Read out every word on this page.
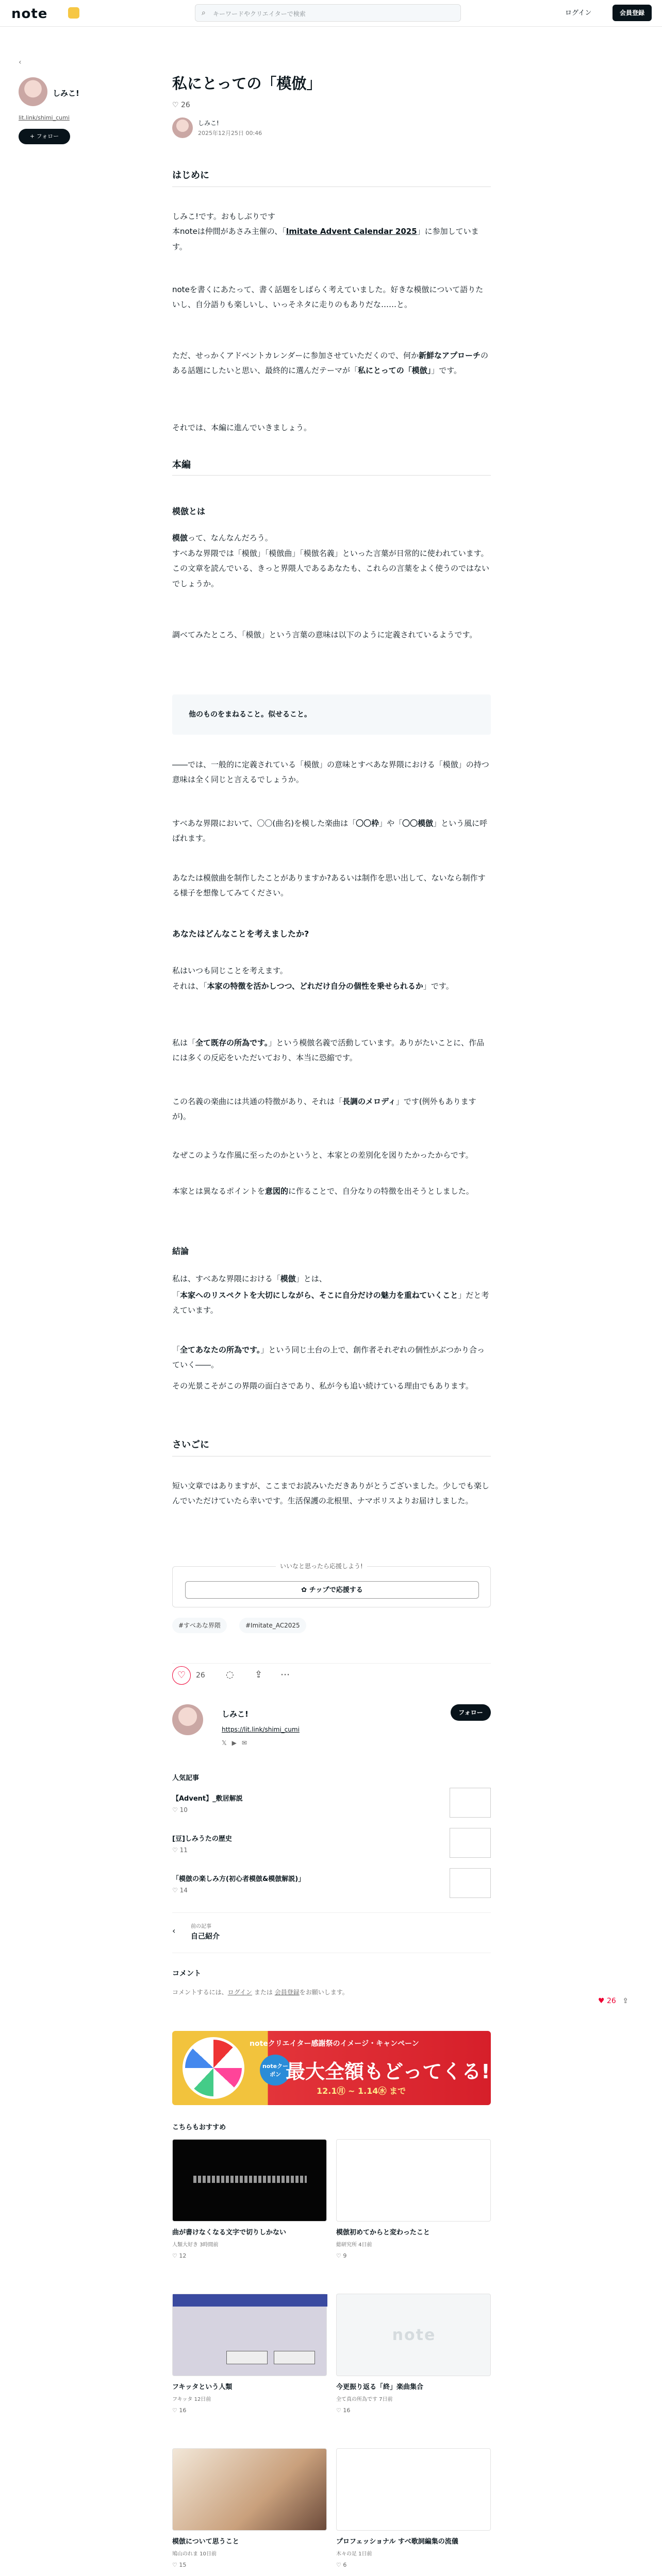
note	⌕ キーワードやクリエイターで検索	ログイン	会員登録
‹
しみこ!
lit.link/shimi_cumi
+ フォロー
私にとっての「模倣」
♡ 26
しみこ!
2025年12月25日 00:46
はじめに
しみこ!です。おもしぶりです
本noteは仲間があさみ主催の、「Imitate Advent Calendar 2025」に参加しています。
noteを書くにあたって、書く話題をしばらく考えていました。好きな模倣について語りたいし、自分語りも楽しいし、いっそネタに走りのもありだな……と。
ただ、せっかくアドベントカレンダーに参加させていただくので、何か新鮮なアプローチのある話題にしたいと思い、最終的に選んだテーマが「私にとっての「模倣」」です。
それでは、本編に進んでいきましょう。
本編
模倣とは
模倣って、なんなんだろう。
すべあな界隈では「模倣」「模倣曲」「模倣名義」といった言葉が日常的に使われています。この文章を読んでいる、きっと界隈人であるあなたも、これらの言葉をよく使うのではないでしょうか。
調べてみたところ、「模倣」という言葉の意味は以下のように定義されているようです。
他のものをまねること。似せること。
――では、一般的に定義されている「模倣」の意味とすべあな界隈における「模倣」の持つ意味は全く同じと言えるでしょうか。
すべあな界隈において、〇〇(曲名)を模した楽曲は「〇〇枠」や「〇〇模倣」という風に呼ばれます。
あなたは模倣曲を制作したことがありますか?あるいは制作を思い出して、ないなら制作する様子を想像してみてください。
あなたはどんなことを考えましたか?
私はいつも同じことを考えます。
それは、「本家の特徴を活かしつつ、どれだけ自分の個性を乗せられるか」です。
私は「全て既存の所為です。」という模倣名義で活動しています。ありがたいことに、作品には多くの反応をいただいており、本当に恐縮です。
この名義の楽曲には共通の特徴があり、それは「長調のメロディ」です(例外もありますが)。
なぜこのような作風に至ったのかというと、本家との差別化を図りたかったからです。
本家とは異なるポイントを意図的に作ることで、自分なりの特徴を出そうとしました。
結論
私は、すべあな界隈における「模倣」とは、
「本家へのリスペクトを大切にしながら、そこに自分だけの魅力を重ねていくこと」だと考えています。
「全てあなたの所為です。」という同じ土台の上で、創作者それぞれの個性がぶつかり合っていく――。
その光景こそがこの界隈の面白さであり、私が今も追い続けている理由でもあります。
さいごに
短い文章ではありますが、ここまでお読みいただきありがとうございました。少しでも楽しんでいただけていたら幸いです。生活保護の北根里、ナマポリスよりお届けしました。
いいなと思ったら応援しよう!
✿ チップで応援する
#すべあな界隈	#Imitate_AC2025
♡	26 ◌ ⇪ ⋯
しみこ!
https://lit.link/shimi_cumi
𝕏▶✉
フォロー
人気記事
【Advent】_敷居解説
♡ 10
[豆]しみうたの歴史
♡ 11
「模倣の楽しみ方(初心者模倣&模倣解説)」
♡ 14
‹	前の記事
自己紹介
コメント
コメントするには、ログイン または 会員登録をお願いします。
noteクリエイター感謝祭のイメージ・キャンペーン
noteクーポン 最大全額もどってくる!
12.1㊊ ~ 1.14㊌ まで
こちらもおすすめ
曲が書けなくなる文字で切りしかない
人類大好き 3時間前
♡ 12
模倣初めてからと変わったこと
総研究所 4日前
♡ 9
フキッタという人類
フキッタ 12日前
♡ 16
note
今更振り返る「終」楽曲集合
全て真の所為です 7日前
♡ 16
模倣について思うこと
鳩山のれま 10日前
♡ 15
プロフェッショナル すべ歌詞編集の流儀
木々の足 1日前
♡ 6
♥ 26 ⇪
